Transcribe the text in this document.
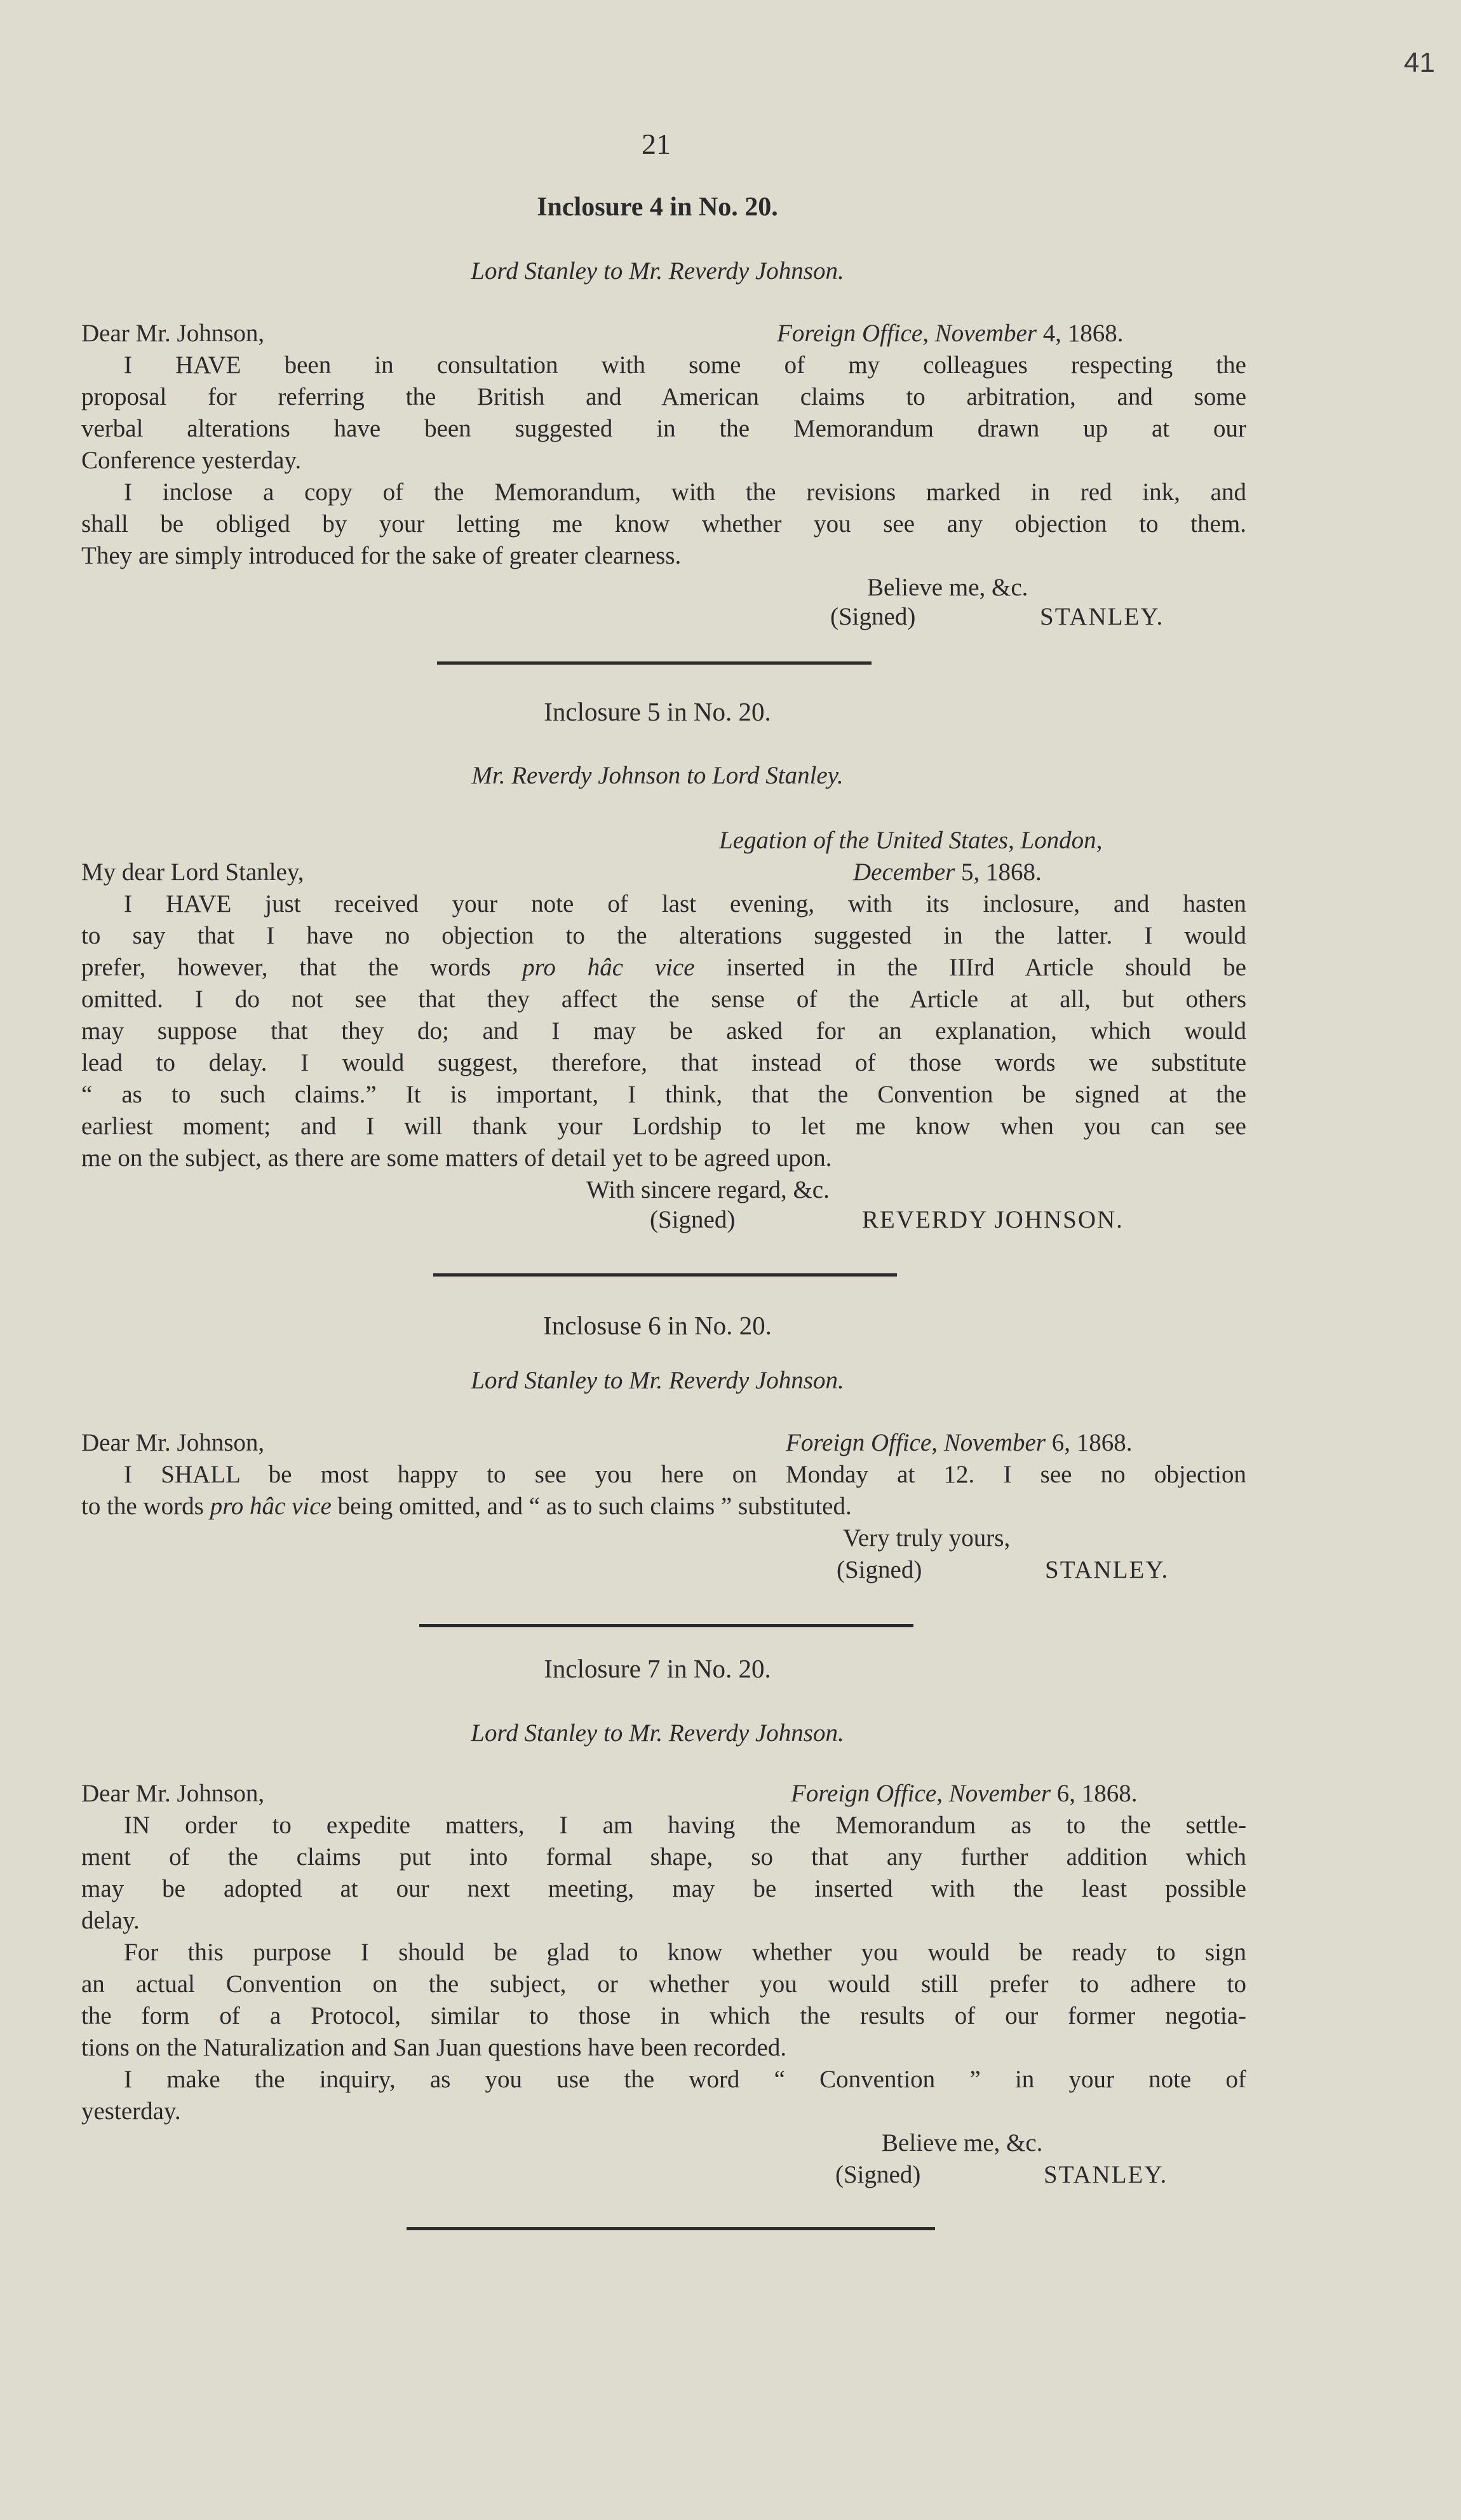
41
21
Inclosure 4 in No. 20.
Lord Stanley to Mr. Reverdy Johnson.
Dear Mr. Johnson,	Foreign Office, November 4, 1868.
I HAVE been in consultation with some of my colleagues respecting the
proposal for referring the British and American claims to arbitration, and some
verbal alterations have been suggested in the Memorandum drawn up at our
Conference yesterday.
I inclose a copy of the Memorandum, with the revisions marked in red ink, and
shall be obliged by your letting me know whether you see any objection to them.
They are simply introduced for the sake of greater clearness.
Believe me, &c.
(Signed)	STANLEY.
Inclosure 5 in No. 20.
Mr. Reverdy Johnson to Lord Stanley.
Legation of the United States, London,
My dear Lord Stanley,	December 5, 1868.
I HAVE just received your note of last evening, with its inclosure, and hasten
to say that I have no objection to the alterations suggested in the latter. I would
prefer, however, that the words pro hâc vice inserted in the IIIrd Article should be
omitted. I do not see that they affect the sense of the Article at all, but others
may suppose that they do; and I may be asked for an explanation, which would
lead to delay. I would suggest, therefore, that instead of those words we substitute
“ as to such claims.” It is important, I think, that the Convention be signed at the
earliest moment; and I will thank your Lordship to let me know when you can see
me on the subject, as there are some matters of detail yet to be agreed upon.
With sincere regard, &c.
(Signed)	REVERDY JOHNSON.
Inclosuse 6 in No. 20.
Lord Stanley to Mr. Reverdy Johnson.
Dear Mr. Johnson,	Foreign Office, November 6, 1868.
I SHALL be most happy to see you here on Monday at 12. I see no objection
to the words pro hâc vice being omitted, and “ as to such claims ” substituted.
Very truly yours,
(Signed)	STANLEY.
Inclosure 7 in No. 20.
Lord Stanley to Mr. Reverdy Johnson.
Dear Mr. Johnson,	Foreign Office, November 6, 1868.
IN order to expedite matters, I am having the Memorandum as to the settle-
ment of the claims put into formal shape, so that any further addition which
may be adopted at our next meeting, may be inserted with the least possible
delay.
For this purpose I should be glad to know whether you would be ready to sign
an actual Convention on the subject, or whether you would still prefer to adhere to
the form of a Protocol, similar to those in which the results of our former negotia-
tions on the Naturalization and San Juan questions have been recorded.
I make the inquiry, as you use the word “ Convention ” in your note of
yesterday.
Believe me, &c.
(Signed)	STANLEY.
